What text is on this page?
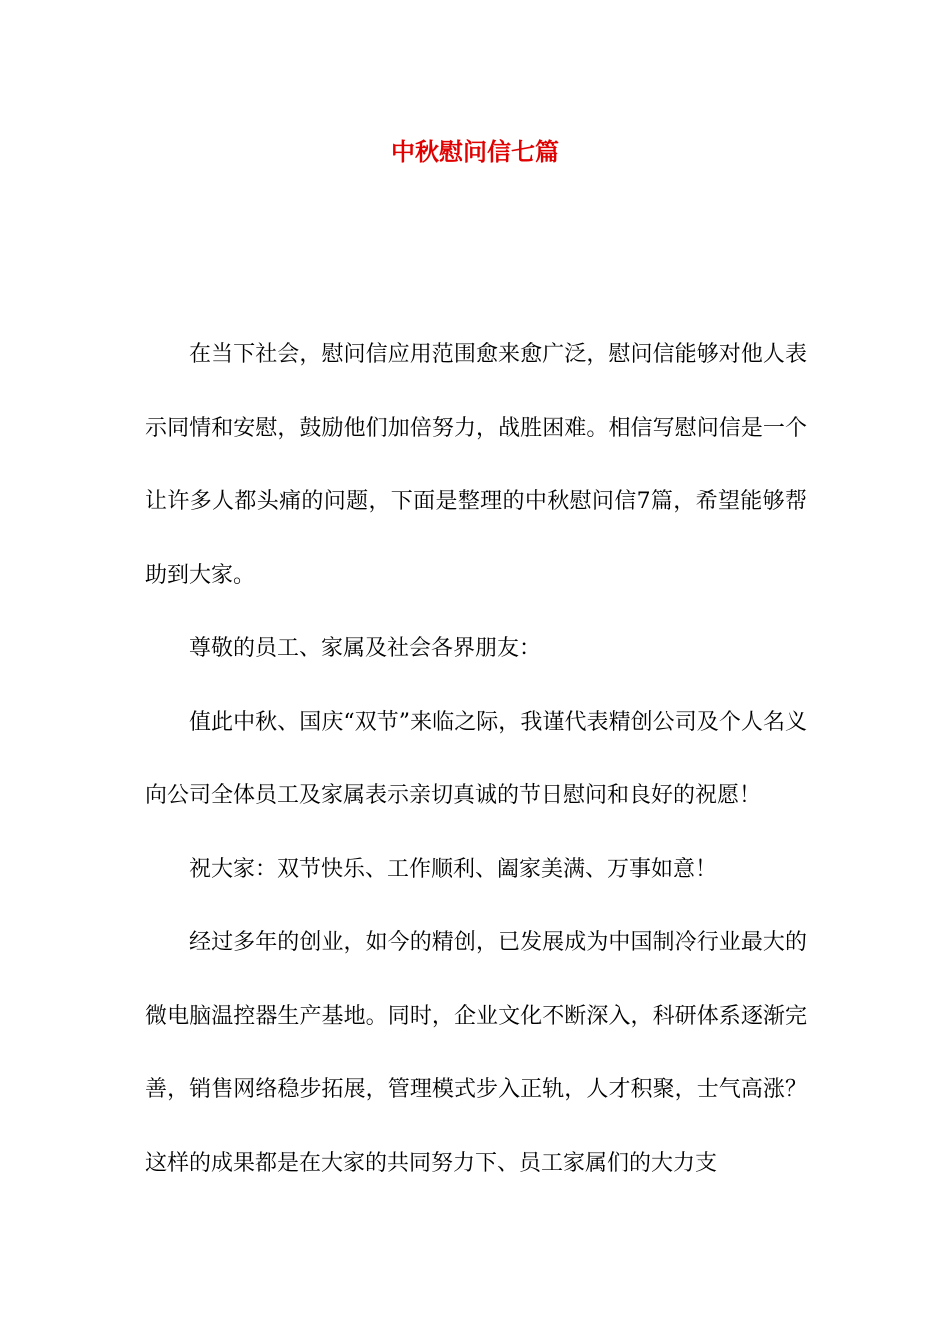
中秋慰问信七篇

在当下社会，慰问信应用范围愈来愈广泛，慰问信能够对他人表示同情和安慰，鼓励他们加倍努力，战胜困难。相信写慰问信是一个让许多人都头痛的问题，下面是整理的中秋慰问信7篇，希望能够帮助到大家。

尊敬的员工、家属及社会各界朋友：

值此中秋、国庆“双节”来临之际，我谨代表精创公司及个人名义向公司全体员工及家属表示亲切真诚的节日慰问和良好的祝愿！

祝大家：双节快乐、工作顺利、阖家美满、万事如意！

经过多年的创业，如今的精创，已发展成为中国制冷行业最大的微电脑温控器生产基地。同时，企业文化不断深入，科研体系逐渐完善，销售网络稳步拓展，管理模式步入正轨，人才积聚，士气高涨？这样的成果都是在大家的共同努力下、员工家属们的大力支
